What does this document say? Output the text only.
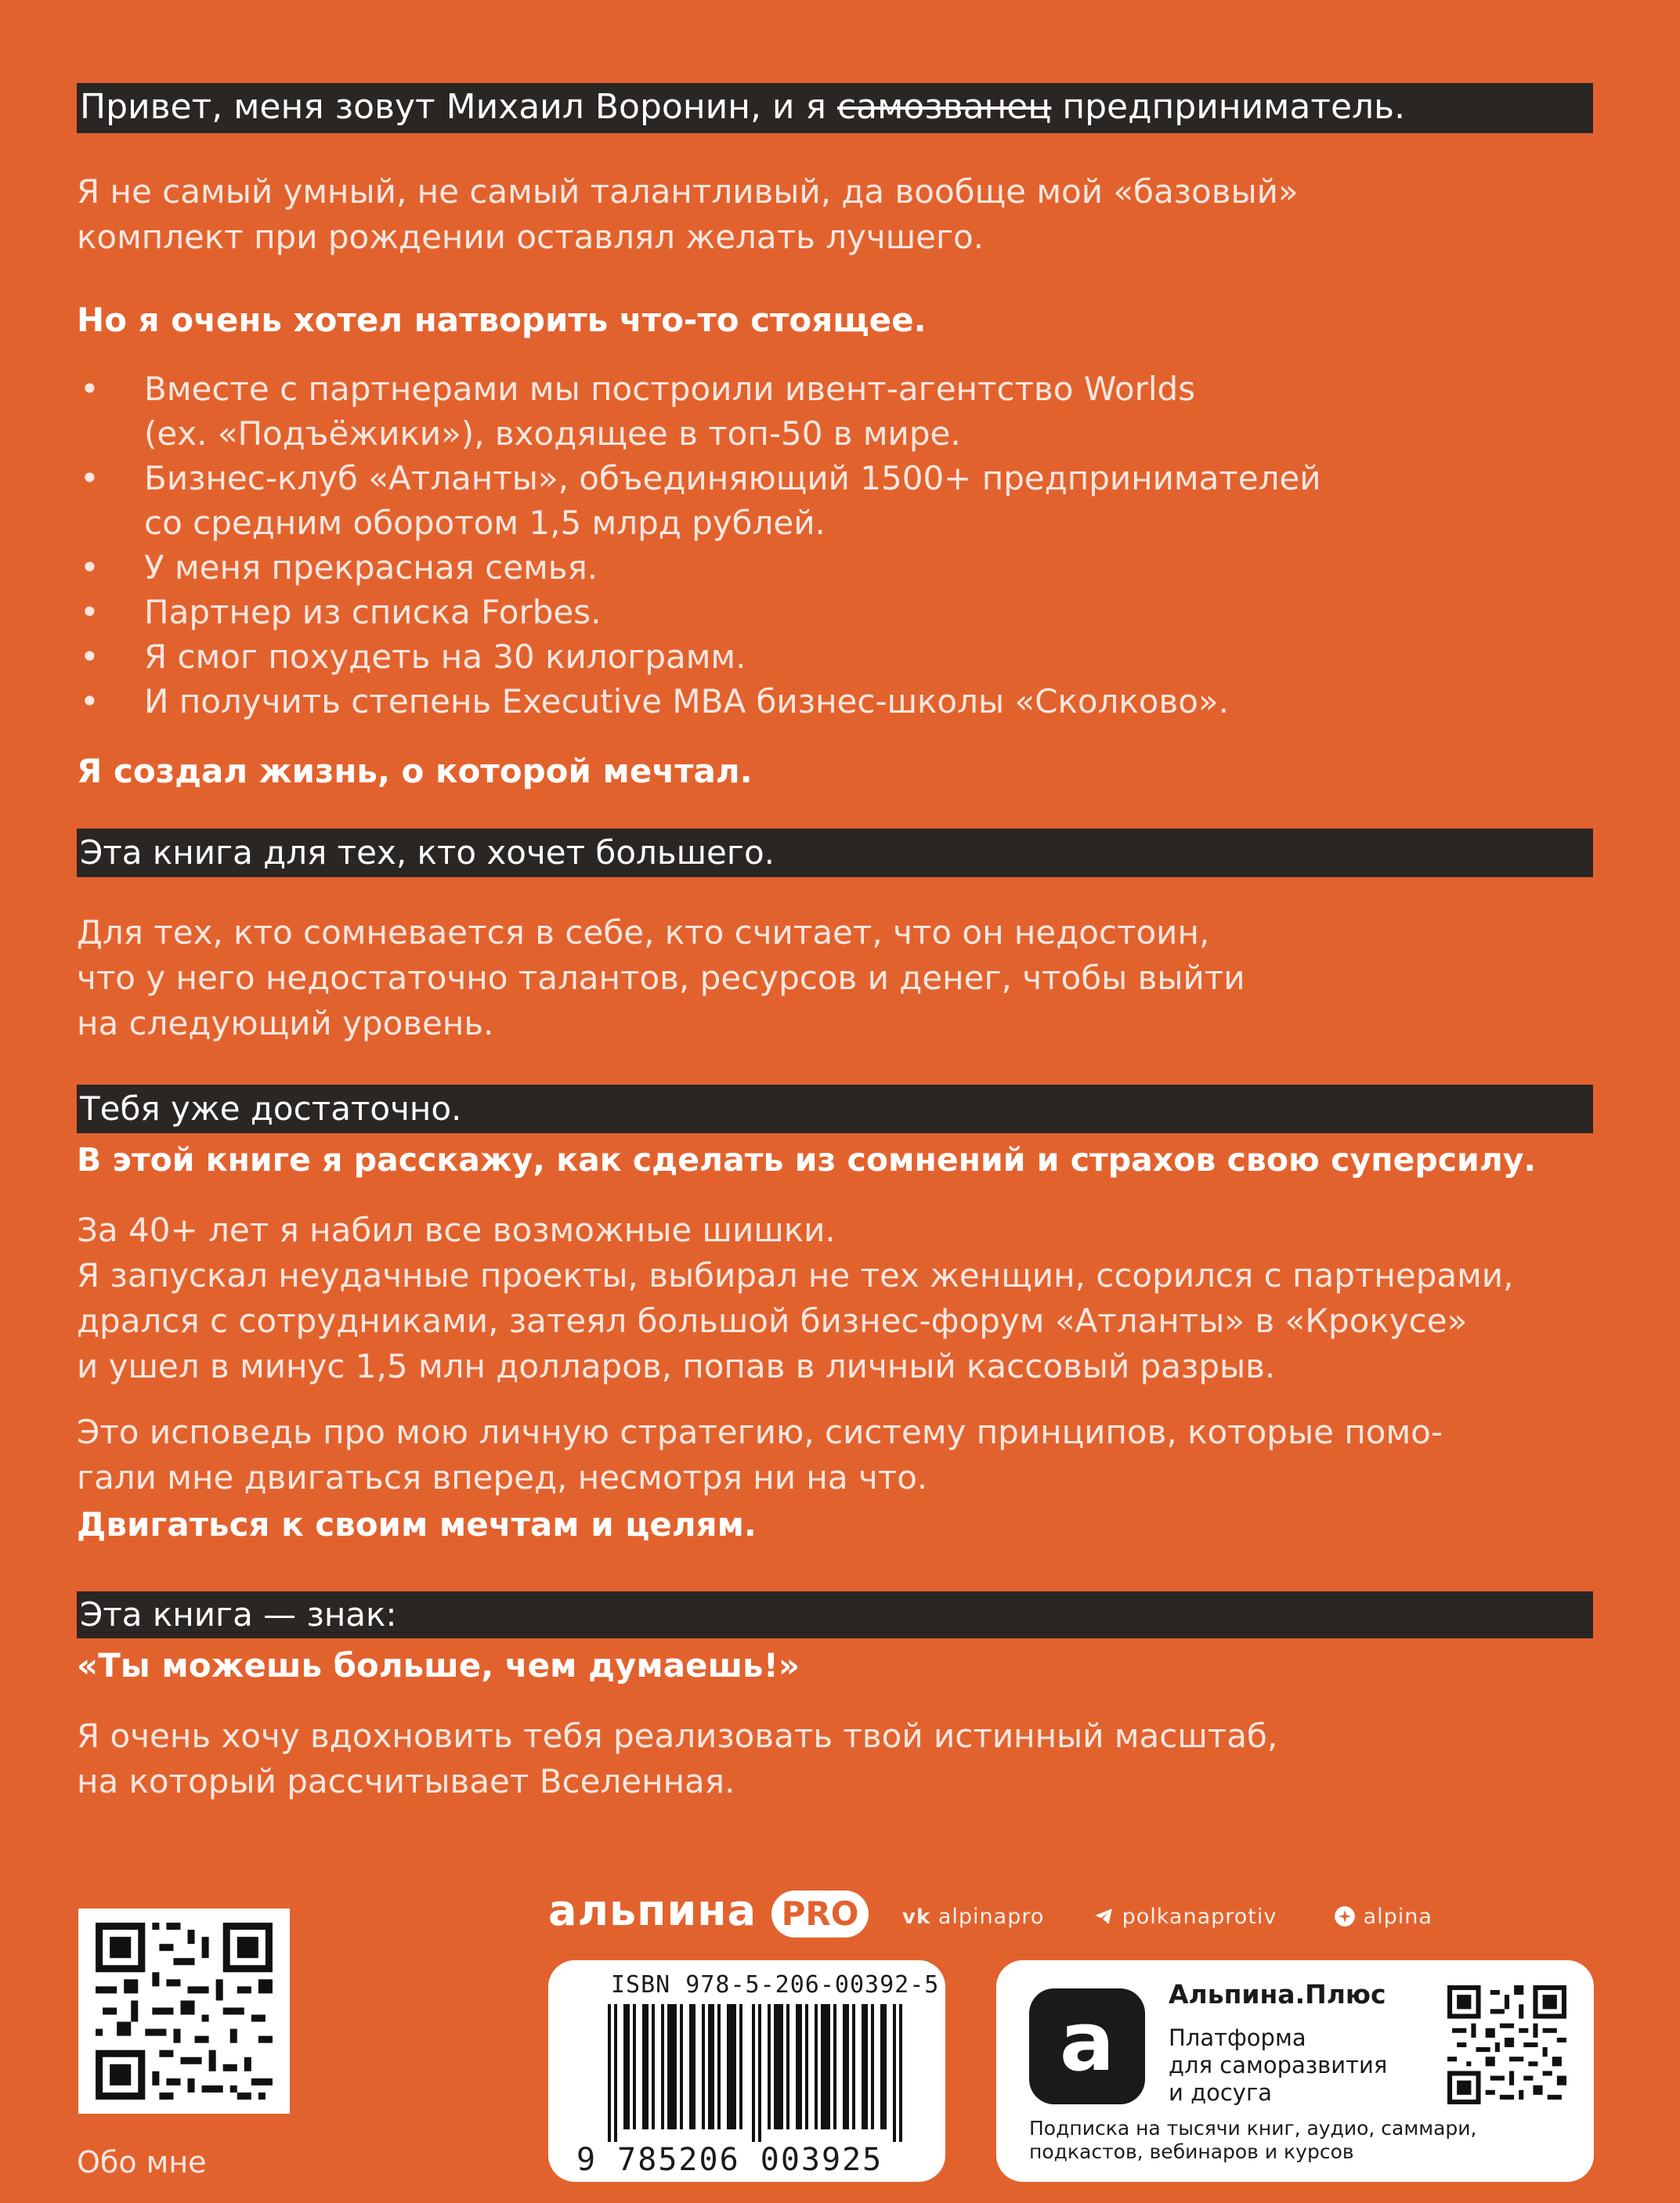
Привет, меня зовут Михаил Воронин, и я самозванец предприниматель.
Я не самый умный, не самый талантливый, да вообще мой «базовый»
комплект при рождении оставлял желать лучшего.
Но я очень хотел натворить что-то стоящее.
• Вместе с партнерами мы построили ивент-агентство Worlds
(ех. «Подъёжики»), входящее в топ-50 в мире.
• Бизнес-клуб «Атланты», объединяющий 1500+ предпринимателей
со средним оборотом 1,5 млрд рублей.
• У меня прекрасная семья.
• Партнер из списка Forbes.
• Я смог похудеть на 30 килограмм.
• И получить степень Executive MBA бизнес-школы «Сколково».
Я создал жизнь, о которой мечтал.
Эта книга для тех, кто хочет большего.
Для тех, кто сомневается в себе, кто считает, что он недостоин,
что у него недостаточно талантов, ресурсов и денег, чтобы выйти
на следующий уровень.
Тебя уже достаточно.
В этой книге я расскажу, как сделать из сомнений и страхов свою суперсилу.
За 40+ лет я набил все возможные шишки.
Я запускал неудачные проекты, выбирал не тех женщин, ссорился с партнерами,
дрался с сотрудниками, затеял большой бизнес-форум «Атланты» в «Крокусе»
и ушел в минус 1,5 млн долларов, попав в личный кассовый разрыв.
Это исповедь про мою личную стратегию, систему принципов, которые помо-
гали мне двигаться вперед, несмотря ни на что.
Двигаться к своим мечтам и целям.
Эта книга — знак:
«Ты можешь больше, чем думаешь!»
Я очень хочу вдохновить тебя реализовать твой истинный масштаб,
на который рассчитывает Вселенная.
Обо мне
альпина PRO	vk alpinapro	polkanaprotiv	alpina
ISBN 978-5-206-00392-5
9 785206 003925
a	Альпина.Плюс
Платформа
для саморазвития
и досуга
Подписка на тысячи книг, аудио, саммари,
подкастов, вебинаров и курсов
